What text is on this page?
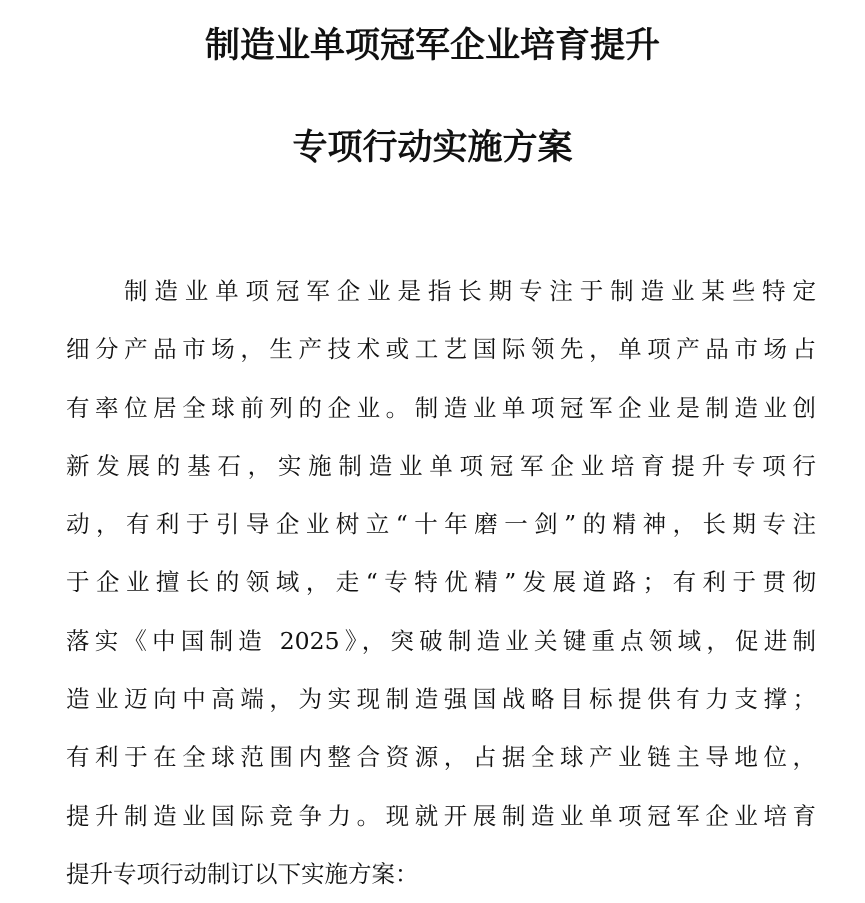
制造业单项冠军企业培育提升
专项行动实施方案
制造业单项冠军企业是指长期专注于制造业某些特定
细分产品市场，生产技术或工艺国际领先，单项产品市场占
有率位居全球前列的企业。制造业单项冠军企业是制造业创
新发展的基石，实施制造业单项冠军企业培育提升专项行
动，有利于引导企业树立“十年磨一剑”的精神，长期专注
于企业擅长的领域，走“专特优精”发展道路；有利于贯彻
落实《中国制造 2025》，突破制造业关键重点领域，促进制
造业迈向中高端，为实现制造强国战略目标提供有力支撑；
有利于在全球范围内整合资源，占据全球产业链主导地位，
提升制造业国际竞争力。现就开展制造业单项冠军企业培育
提升专项行动制订以下实施方案：
